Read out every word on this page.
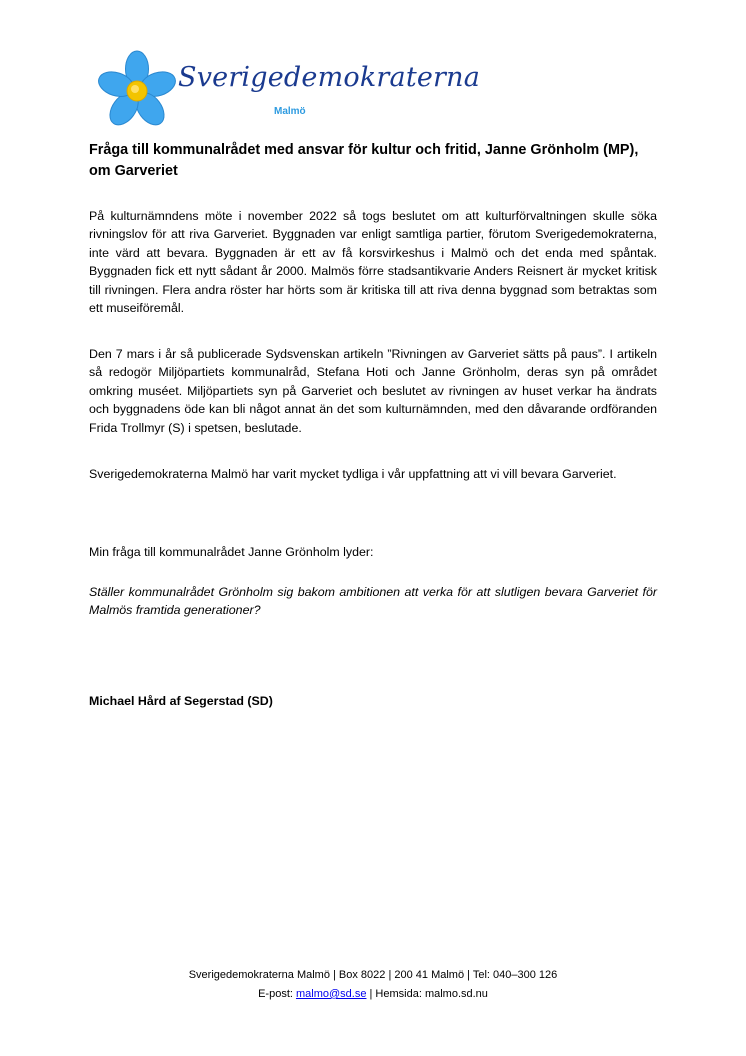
Sverigedemokraterna
Malmö
Fråga till kommunalrådet med ansvar för kultur och fritid, Janne Grönholm (MP), om Garveriet
På kulturnämndens möte i november 2022 så togs beslutet om att kulturförvaltningen skulle söka rivningslov för att riva Garveriet. Byggnaden var enligt samtliga partier, förutom Sverigedemokraterna, inte värd att bevara. Byggnaden är ett av få korsvirkeshus i Malmö och det enda med spåntak. Byggnaden fick ett nytt sådant år 2000. Malmös förre stadsantikvarie Anders Reisnert är mycket kritisk till rivningen. Flera andra röster har hörts som är kritiska till att riva denna byggnad som betraktas som ett museiföremål.
Den 7 mars i år så publicerade Sydsvenskan artikeln ”Rivningen av Garveriet sätts på paus”. I artikeln så redogör Miljöpartiets kommunalråd, Stefana Hoti och Janne Grönholm, deras syn på området omkring muséet. Miljöpartiets syn på Garveriet och beslutet av rivningen av huset verkar ha ändrats och byggnadens öde kan bli något annat än det som kulturnämnden, med den dåvarande ordföranden Frida Trollmyr (S) i spetsen, beslutade.
Sverigedemokraterna Malmö har varit mycket tydliga i vår uppfattning att vi vill bevara Garveriet.
Min fråga till kommunalrådet Janne Grönholm lyder:
Ställer kommunalrådet Grönholm sig bakom ambitionen att verka för att slutligen bevara Garveriet för Malmös framtida generationer?
Michael Hård af Segerstad (SD)
Sverigedemokraterna Malmö | Box 8022 | 200 41 Malmö | Tel: 040–300 126
E-post: malmo@sd.se | Hemsida: malmo.sd.nu
